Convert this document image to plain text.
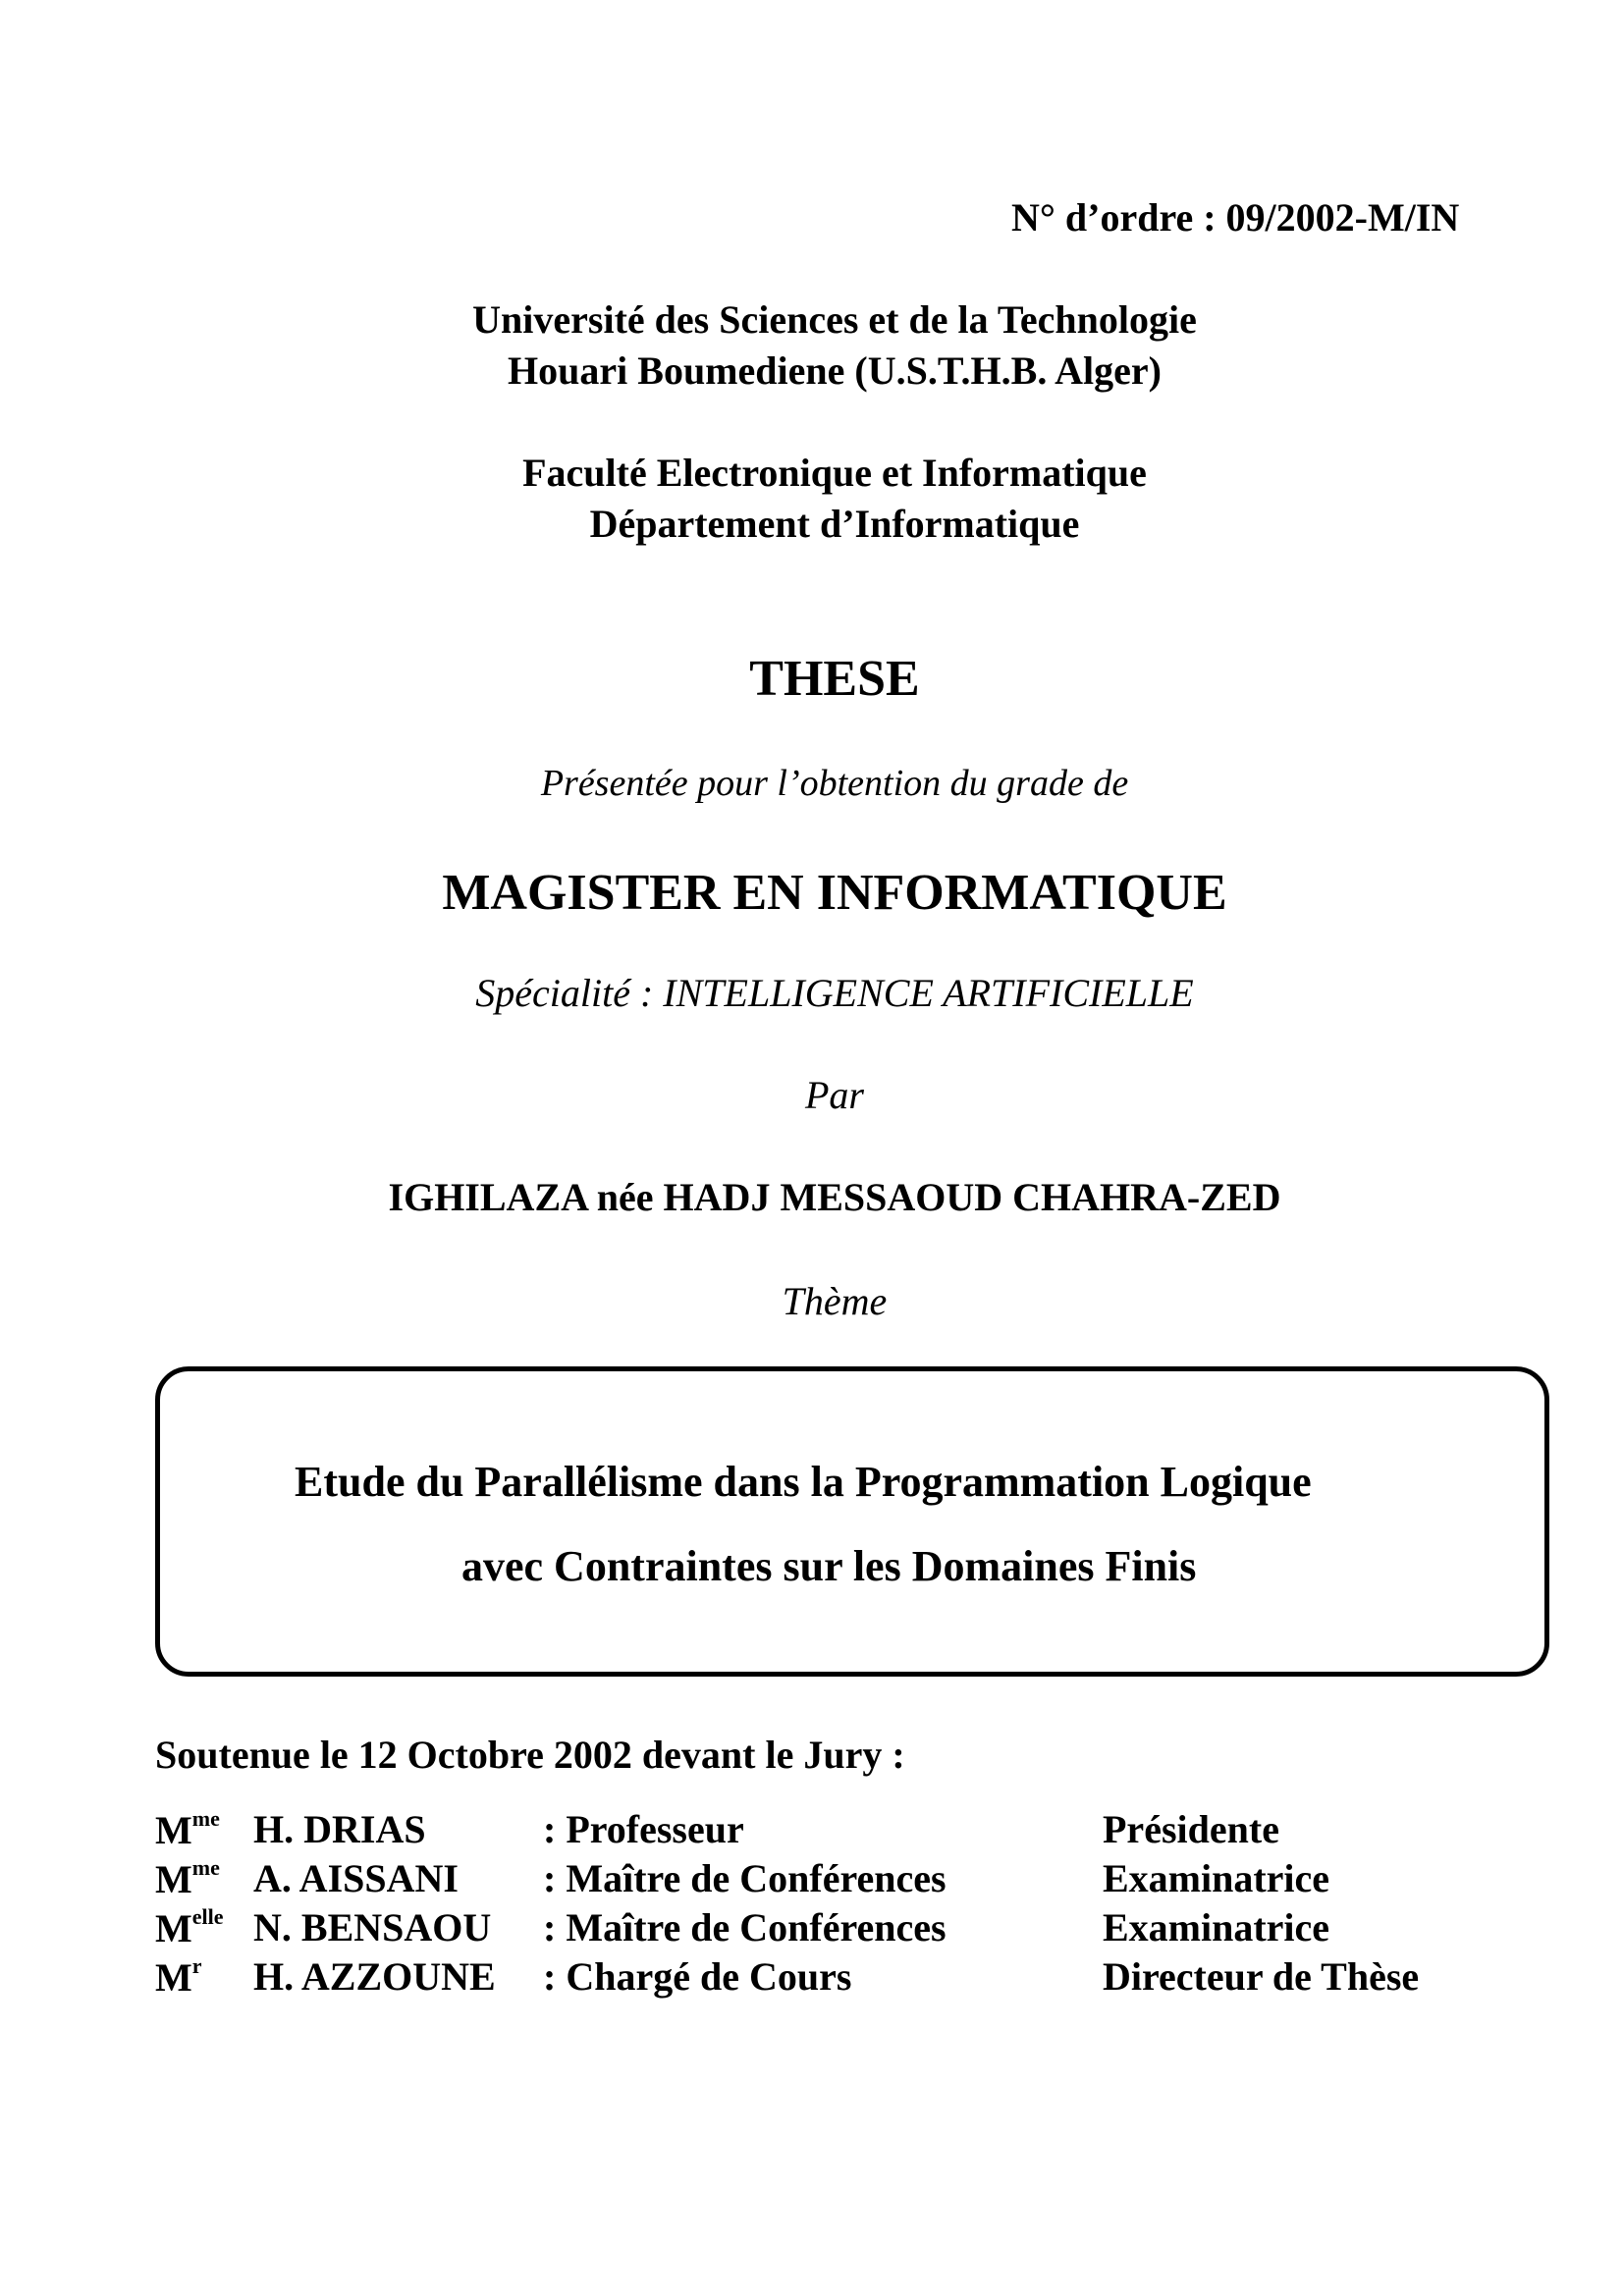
N° d’ordre : 09/2002-M/IN
Université des Sciences et de la Technologie
Houari Boumediene (U.S.T.H.B. Alger)
Faculté Electronique et Informatique
Département d’Informatique
THESE
Présentée pour l’obtention du grade de
MAGISTER EN INFORMATIQUE
Spécialité : INTELLIGENCE ARTIFICIELLE
Par
IGHILAZA née HADJ MESSAOUD CHAHRA-ZED
Thème
Etude du Parallélisme dans la Programmation Logique
avec Contraintes sur les Domaines Finis
Soutenue le 12 Octobre 2002 devant le Jury :
$M^{me}$ H. DRIAS	: Professeur	Présidente
$M^{me}$ A. AISSANI : Maître de Conférences	Examinatrice
$M^{elle}$ N. BENSAOU : Maître de Conférences	Examinatrice
$M^r$ H. AZZOUNE : Chargé de Cours	Directeur de Thèse
